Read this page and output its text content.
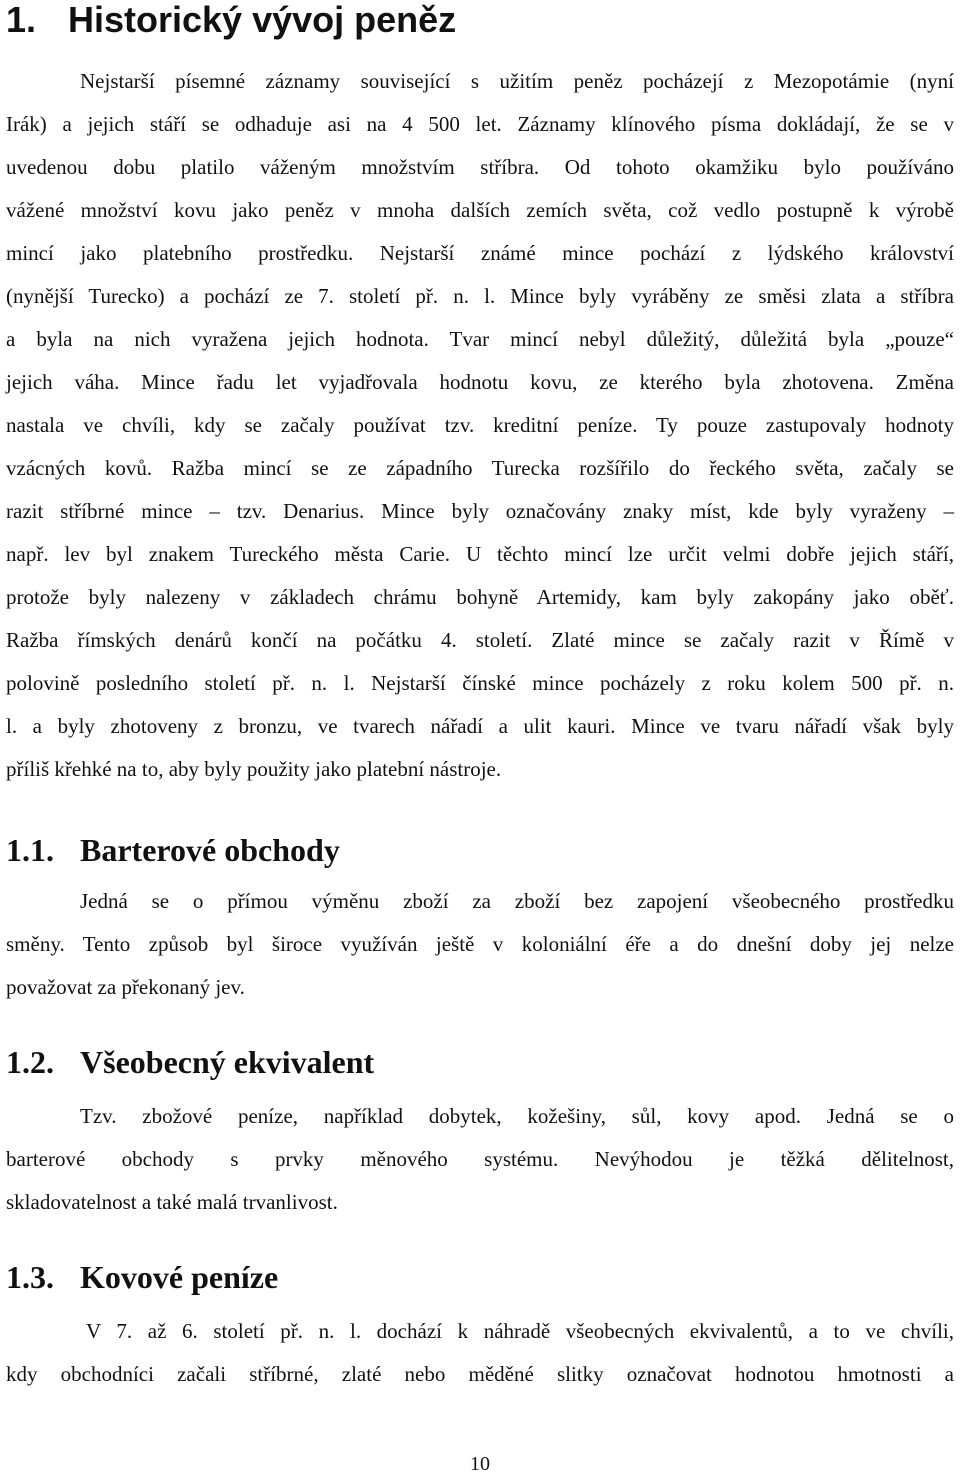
1. Historický vývoj peněz
Nejstarší písemné záznamy související s užitím peněz pocházejí z Mezopotámie (nyní
Irák) a jejich stáří se odhaduje asi na 4 500 let. Záznamy klínového písma dokládají, že se v
uvedenou dobu platilo váženým množstvím stříbra. Od tohoto okamžiku bylo používáno
vážené množství kovu jako peněz v mnoha dalších zemích světa, což vedlo postupně k výrobě
mincí jako platebního prostředku. Nejstarší známé mince pochází z lýdského království
(nynější Turecko) a pochází ze 7. století př. n. l. Mince byly vyráběny ze směsi zlata a stříbra
a byla na nich vyražena jejich hodnota. Tvar mincí nebyl důležitý, důležitá byla „pouze“
jejich váha. Mince řadu let vyjadřovala hodnotu kovu, ze kterého byla zhotovena. Změna
nastala ve chvíli, kdy se začaly používat tzv. kreditní peníze. Ty pouze zastupovaly hodnoty
vzácných kovů. Ražba mincí se ze západního Turecka rozšířilo do řeckého světa, začaly se
razit stříbrné mince – tzv. Denarius. Mince byly označovány znaky míst, kde byly vyraženy –
např. lev byl znakem Tureckého města Carie. U těchto mincí lze určit velmi dobře jejich stáří,
protože byly nalezeny v základech chrámu bohyně Artemidy, kam byly zakopány jako oběť.
Ražba římských denárů končí na počátku 4. století. Zlaté mince se začaly razit v Římě v
polovině posledního století př. n. l. Nejstarší čínské mince pocházely z roku kolem 500 př. n.
l. a byly zhotoveny z bronzu, ve tvarech nářadí a ulit kauri. Mince ve tvaru nářadí však byly
příliš křehké na to, aby byly použity jako platební nástroje.
1.1. Barterové obchody
Jedná se o přímou výměnu zboží za zboží bez zapojení všeobecného prostředku
směny. Tento způsob byl široce využíván ještě v koloniální éře a do dnešní doby jej nelze
považovat za překonaný jev.
1.2. Všeobecný ekvivalent
Tzv. zbožové peníze, například dobytek, kožešiny, sůl, kovy apod. Jedná se o
barterové obchody s prvky měnového systému. Nevýhodou je těžká dělitelnost,
skladovatelnost a také malá trvanlivost.
1.3. Kovové peníze
V 7. až 6. století př. n. l. dochází k náhradě všeobecných ekvivalentů, a to ve chvíli,
kdy obchodníci začali stříbrné, zlaté nebo měděné slitky označovat hodnotou hmotnosti a
10
